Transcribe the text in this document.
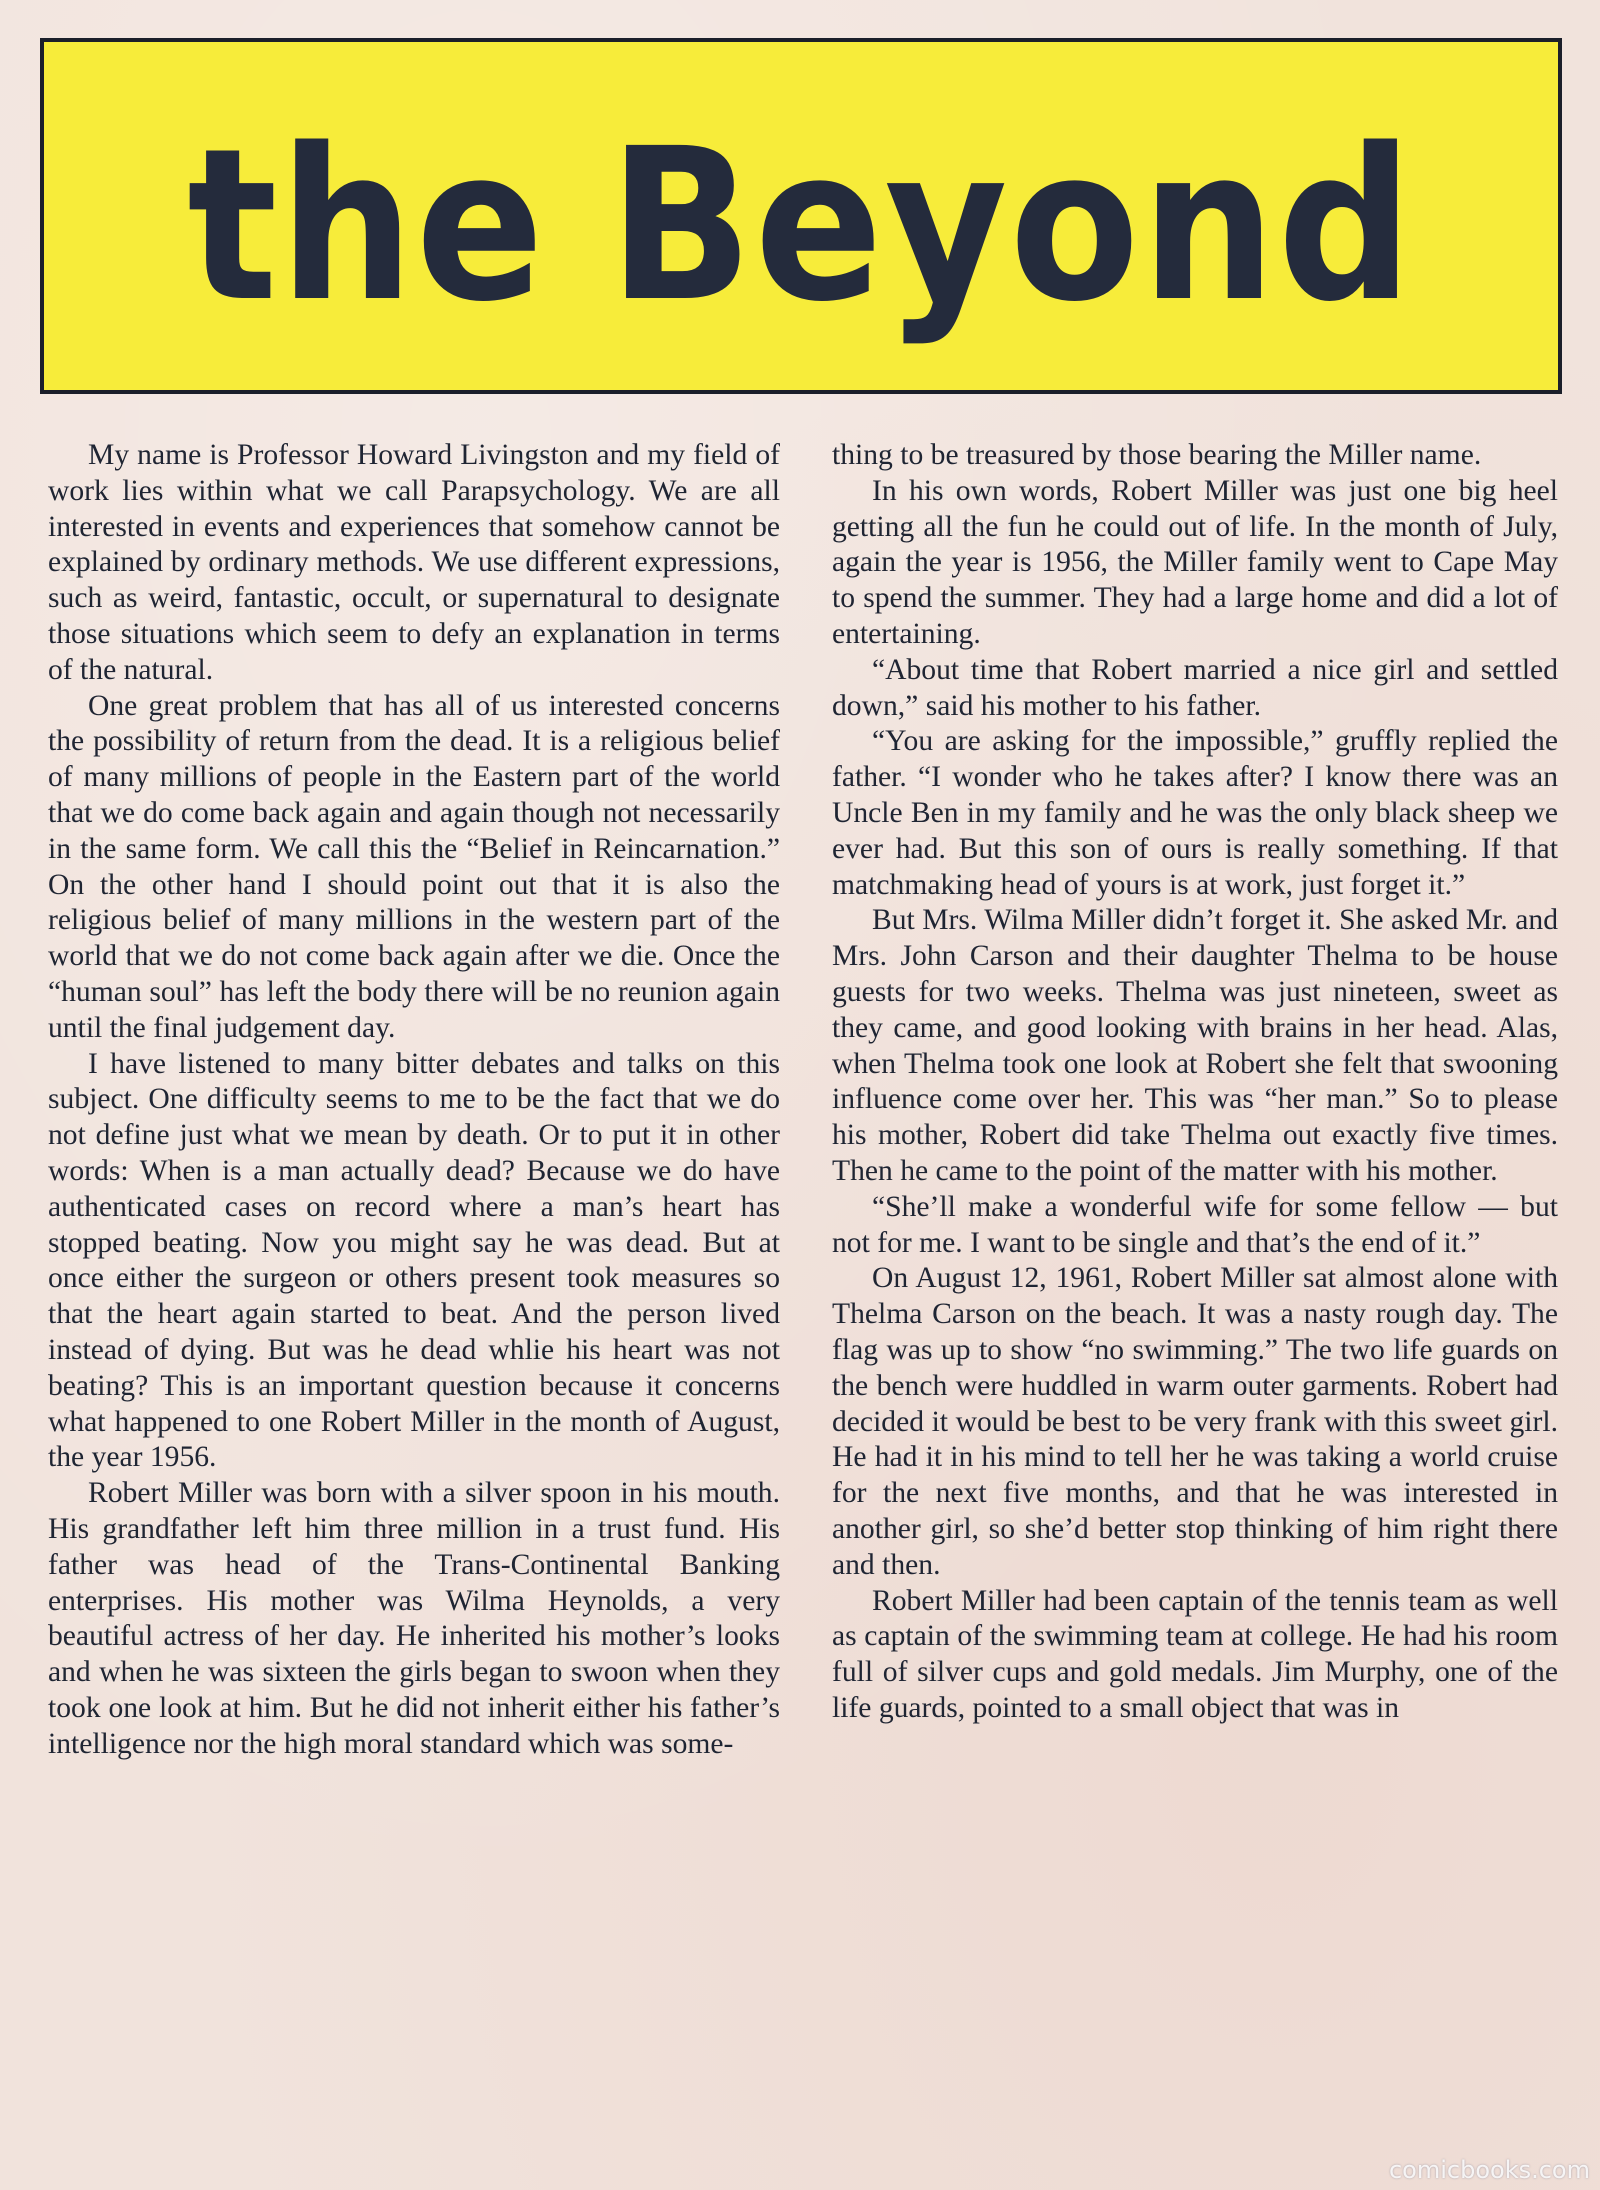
the Beyond

My name is Professor Howard Livingston and my field of work lies within what we call Parapsychology. We are all interested in events and experiences that somehow cannot be explained by ordinary methods. We use different expressions, such as weird, fantastic, occult, or supernatural to designate those situations which seem to defy an explanation in terms of the natural.

One great problem that has all of us interested concerns the possibility of return from the dead. It is a religious belief of many millions of people in the Eastern part of the world that we do come back again and again though not necessarily in the same form. We call this the “Belief in Reincarnation.” On the other hand I should point out that it is also the religious belief of many millions in the western part of the world that we do not come back again after we die. Once the “human soul” has left the body there will be no reunion again until the final judgement day.

I have listened to many bitter debates and talks on this subject. One difficulty seems to me to be the fact that we do not define just what we mean by death. Or to put it in other words: When is a man actually dead? Because we do have authenticated cases on record where a man’s heart has stopped beating. Now you might say he was dead. But at once either the surgeon or others present took measures so that the heart again started to beat. And the person lived instead of dying. But was he dead whlie his heart was not beating? This is an important question because it concerns what happened to one Robert Miller in the month of August, the year 1956.

Robert Miller was born with a silver spoon in his mouth. His grandfather left him three million in a trust fund. His father was head of the Trans-Continental Banking enterprises. His mother was Wilma Heynolds, a very beautiful actress of her day. He inherited his mother’s looks and when he was sixteen the girls began to swoon when they took one look at him. But he did not inherit either his father’s intelligence nor the high moral standard which was some-

thing to be treasured by those bearing the Miller name.

In his own words, Robert Miller was just one big heel getting all the fun he could out of life. In the month of July, again the year is 1956, the Miller family went to Cape May to spend the summer. They had a large home and did a lot of entertaining.

“About time that Robert married a nice girl and settled down,” said his mother to his father.

“You are asking for the impossible,” gruffly replied the father. “I wonder who he takes after? I know there was an Uncle Ben in my family and he was the only black sheep we ever had. But this son of ours is really something. If that matchmaking head of yours is at work, just forget it.”

But Mrs. Wilma Miller didn’t forget it. She asked Mr. and Mrs. John Carson and their daughter Thelma to be house guests for two weeks. Thelma was just nineteen, sweet as they came, and good looking with brains in her head. Alas, when Thelma took one look at Robert she felt that swooning influence come over her. This was “her man.” So to please his mother, Robert did take Thelma out exactly five times. Then he came to the point of the matter with his mother.

“She’ll make a wonderful wife for some fellow — but not for me. I want to be single and that’s the end of it.”

On August 12, 1961, Robert Miller sat almost alone with Thelma Carson on the beach. It was a nasty rough day. The flag was up to show “no swimming.” The two life guards on the bench were huddled in warm outer garments. Robert had decided it would be best to be very frank with this sweet girl. He had it in his mind to tell her he was taking a world cruise for the next five months, and that he was interested in another girl, so she’d better stop thinking of him right there and then.

Robert Miller had been captain of the tennis team as well as captain of the swimming team at college. He had his room full of silver cups and gold medals. Jim Murphy, one of the life guards, pointed to a small object that was in

comicbooks.com
